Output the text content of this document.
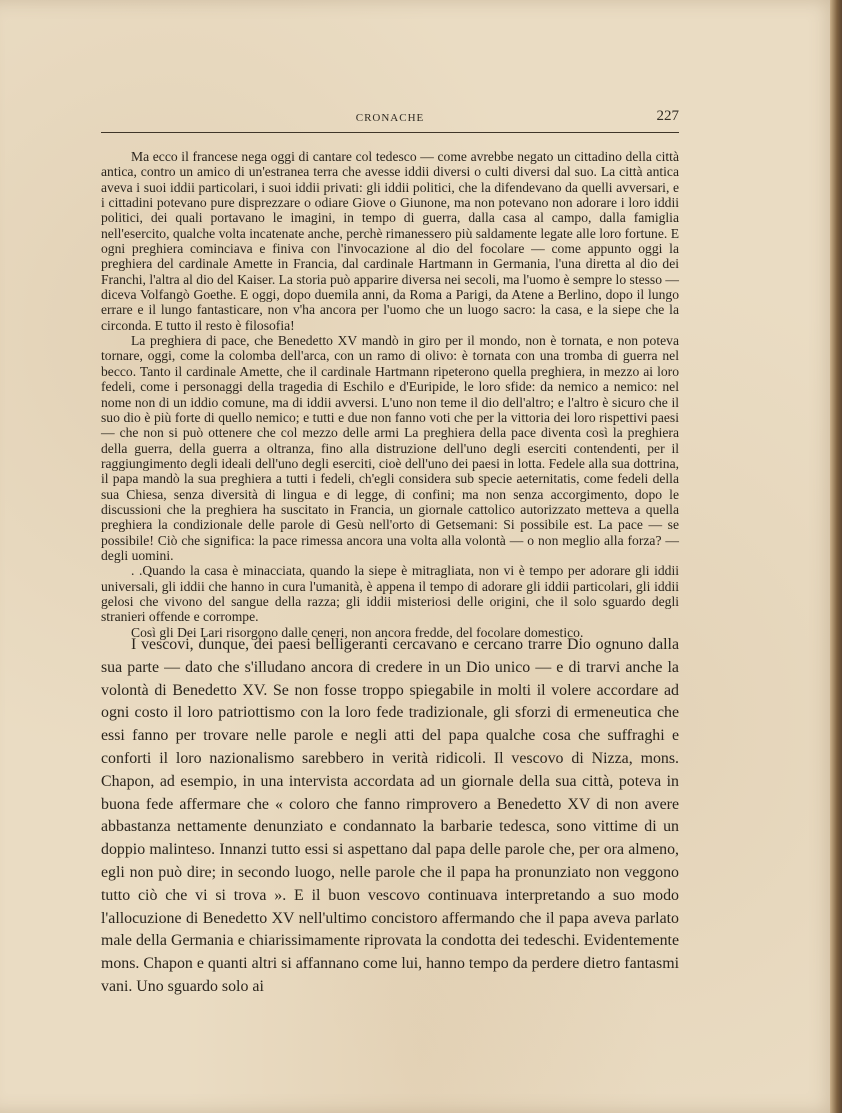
CRONACHE	227

Ma ecco il francese nega oggi di cantare col tedesco — come avrebbe negato un cittadino della città antica, contro un amico di un'estranea terra che avesse iddii diversi o culti diversi dal suo. La città antica aveva i suoi iddii particolari, i suoi iddii privati: gli iddii politici, che la difendevano da quelli avversari, e i cittadini potevano pure disprezzare o odiare Giove o Giunone, ma non potevano non adorare i loro iddii politici, dei quali portavano le imagini, in tempo di guerra, dalla casa al campo, dalla famiglia nell'esercito, qualche volta incatenate anche, perchè rimanessero più saldamente legate alle loro fortune. E ogni preghiera cominciava e finiva con l'invocazione al dio del focolare — come appunto oggi la preghiera del cardinale Amette in Francia, dal cardinale Hartmann in Germania, l'una diretta al dio dei Franchi, l'altra al dio del Kaiser. La storia può apparire diversa nei secoli, ma l'uomo è sempre lo stesso — diceva Volfangò Goethe. E oggi, dopo duemila anni, da Roma a Parigi, da Atene a Berlino, dopo il lungo errare e il lungo fantasticare, non v'ha ancora per l'uomo che un luogo sacro: la casa, e la siepe che la circonda. E tutto il resto è filosofia!

La preghiera di pace, che Benedetto XV mandò in giro per il mondo, non è tornata, e non poteva tornare, oggi, come la colomba dell'arca, con un ramo di olivo: è tornata con una tromba di guerra nel becco. Tanto il cardinale Amette, che il cardinale Hartmann ripeterono quella preghiera, in mezzo ai loro fedeli, come i personaggi della tragedia di Eschilo e d'Euripide, le loro sfide: da nemico a nemico: nel nome non di un iddio comune, ma di iddii avversi. L'uno non teme il dio dell'altro; e l'altro è sicuro che il suo dio è più forte di quello nemico; e tutti e due non fanno voti che per la vittoria dei loro rispettivi paesi — che non si può ottenere che col mezzo delle armi La preghiera della pace diventa così la preghiera della guerra, della guerra a oltranza, fino alla distruzione dell'uno degli eserciti contendenti, per il raggiungimento degli ideali dell'uno degli eserciti, cioè dell'uno dei paesi in lotta. Fedele alla sua dottrina, il papa mandò la sua preghiera a tutti i fedeli, ch'egli considera sub specie aeternitatis, come fedeli della sua Chiesa, senza diversità di lingua e di legge, di confini; ma non senza accorgimento, dopo le discussioni che la preghiera ha suscitato in Francia, un giornale cattolico autorizzato metteva a quella preghiera la condizionale delle parole di Gesù nell'orto di Getsemani: Si possibile est. La pace — se possibile! Ciò che significa: la pace rimessa ancora una volta alla volontà — o non meglio alla forza? — degli uomini.

. .Quando la casa è minacciata, quando la siepe è mitragliata, non vi è tempo per adorare gli iddii universali, gli iddii che hanno in cura l'umanità, è appena il tempo di adorare gli iddii particolari, gli iddii gelosi che vivono del sangue della razza; gli iddii misteriosi delle origini, che il solo sguardo degli stranieri offende e corrompe.

Così gli Dei Lari risorgono dalle ceneri, non ancora fredde, del focolare domestico.

I vescovi, dunque, dei paesi belligeranti cercavano e cercano trarre Dio ognuno dalla sua parte — dato che s'illudano ancora di credere in un Dio unico — e di trarvi anche la volontà di Benedetto XV. Se non fosse troppo spiegabile in molti il volere accordare ad ogni costo il loro patriottismo con la loro fede tradizionale, gli sforzi di ermeneutica che essi fanno per trovare nelle parole e negli atti del papa qualche cosa che suffraghi e conforti il loro nazionalismo sarebbero in verità ridicoli. Il vescovo di Nizza, mons. Chapon, ad esempio, in una intervista accordata ad un giornale della sua città, poteva in buona fede affermare che « coloro che fanno rimprovero a Benedetto XV di non avere abbastanza nettamente denunziato e condannato la barbarie tedesca, sono vittime di un doppio malinteso. Innanzi tutto essi si aspettano dal papa delle parole che, per ora almeno, egli non può dire; in secondo luogo, nelle parole che il papa ha pronunziato non veggono tutto ciò che vi si trova ». E il buon vescovo continuava interpretando a suo modo l'allocuzione di Benedetto XV nell'ultimo concistoro affermando che il papa aveva parlato male della Germania e chiarissimamente riprovata la condotta dei tedeschi. Evidentemente mons. Chapon e quanti altri si affannano come lui, hanno tempo da perdere dietro fantasmi vani. Uno sguardo solo ai
